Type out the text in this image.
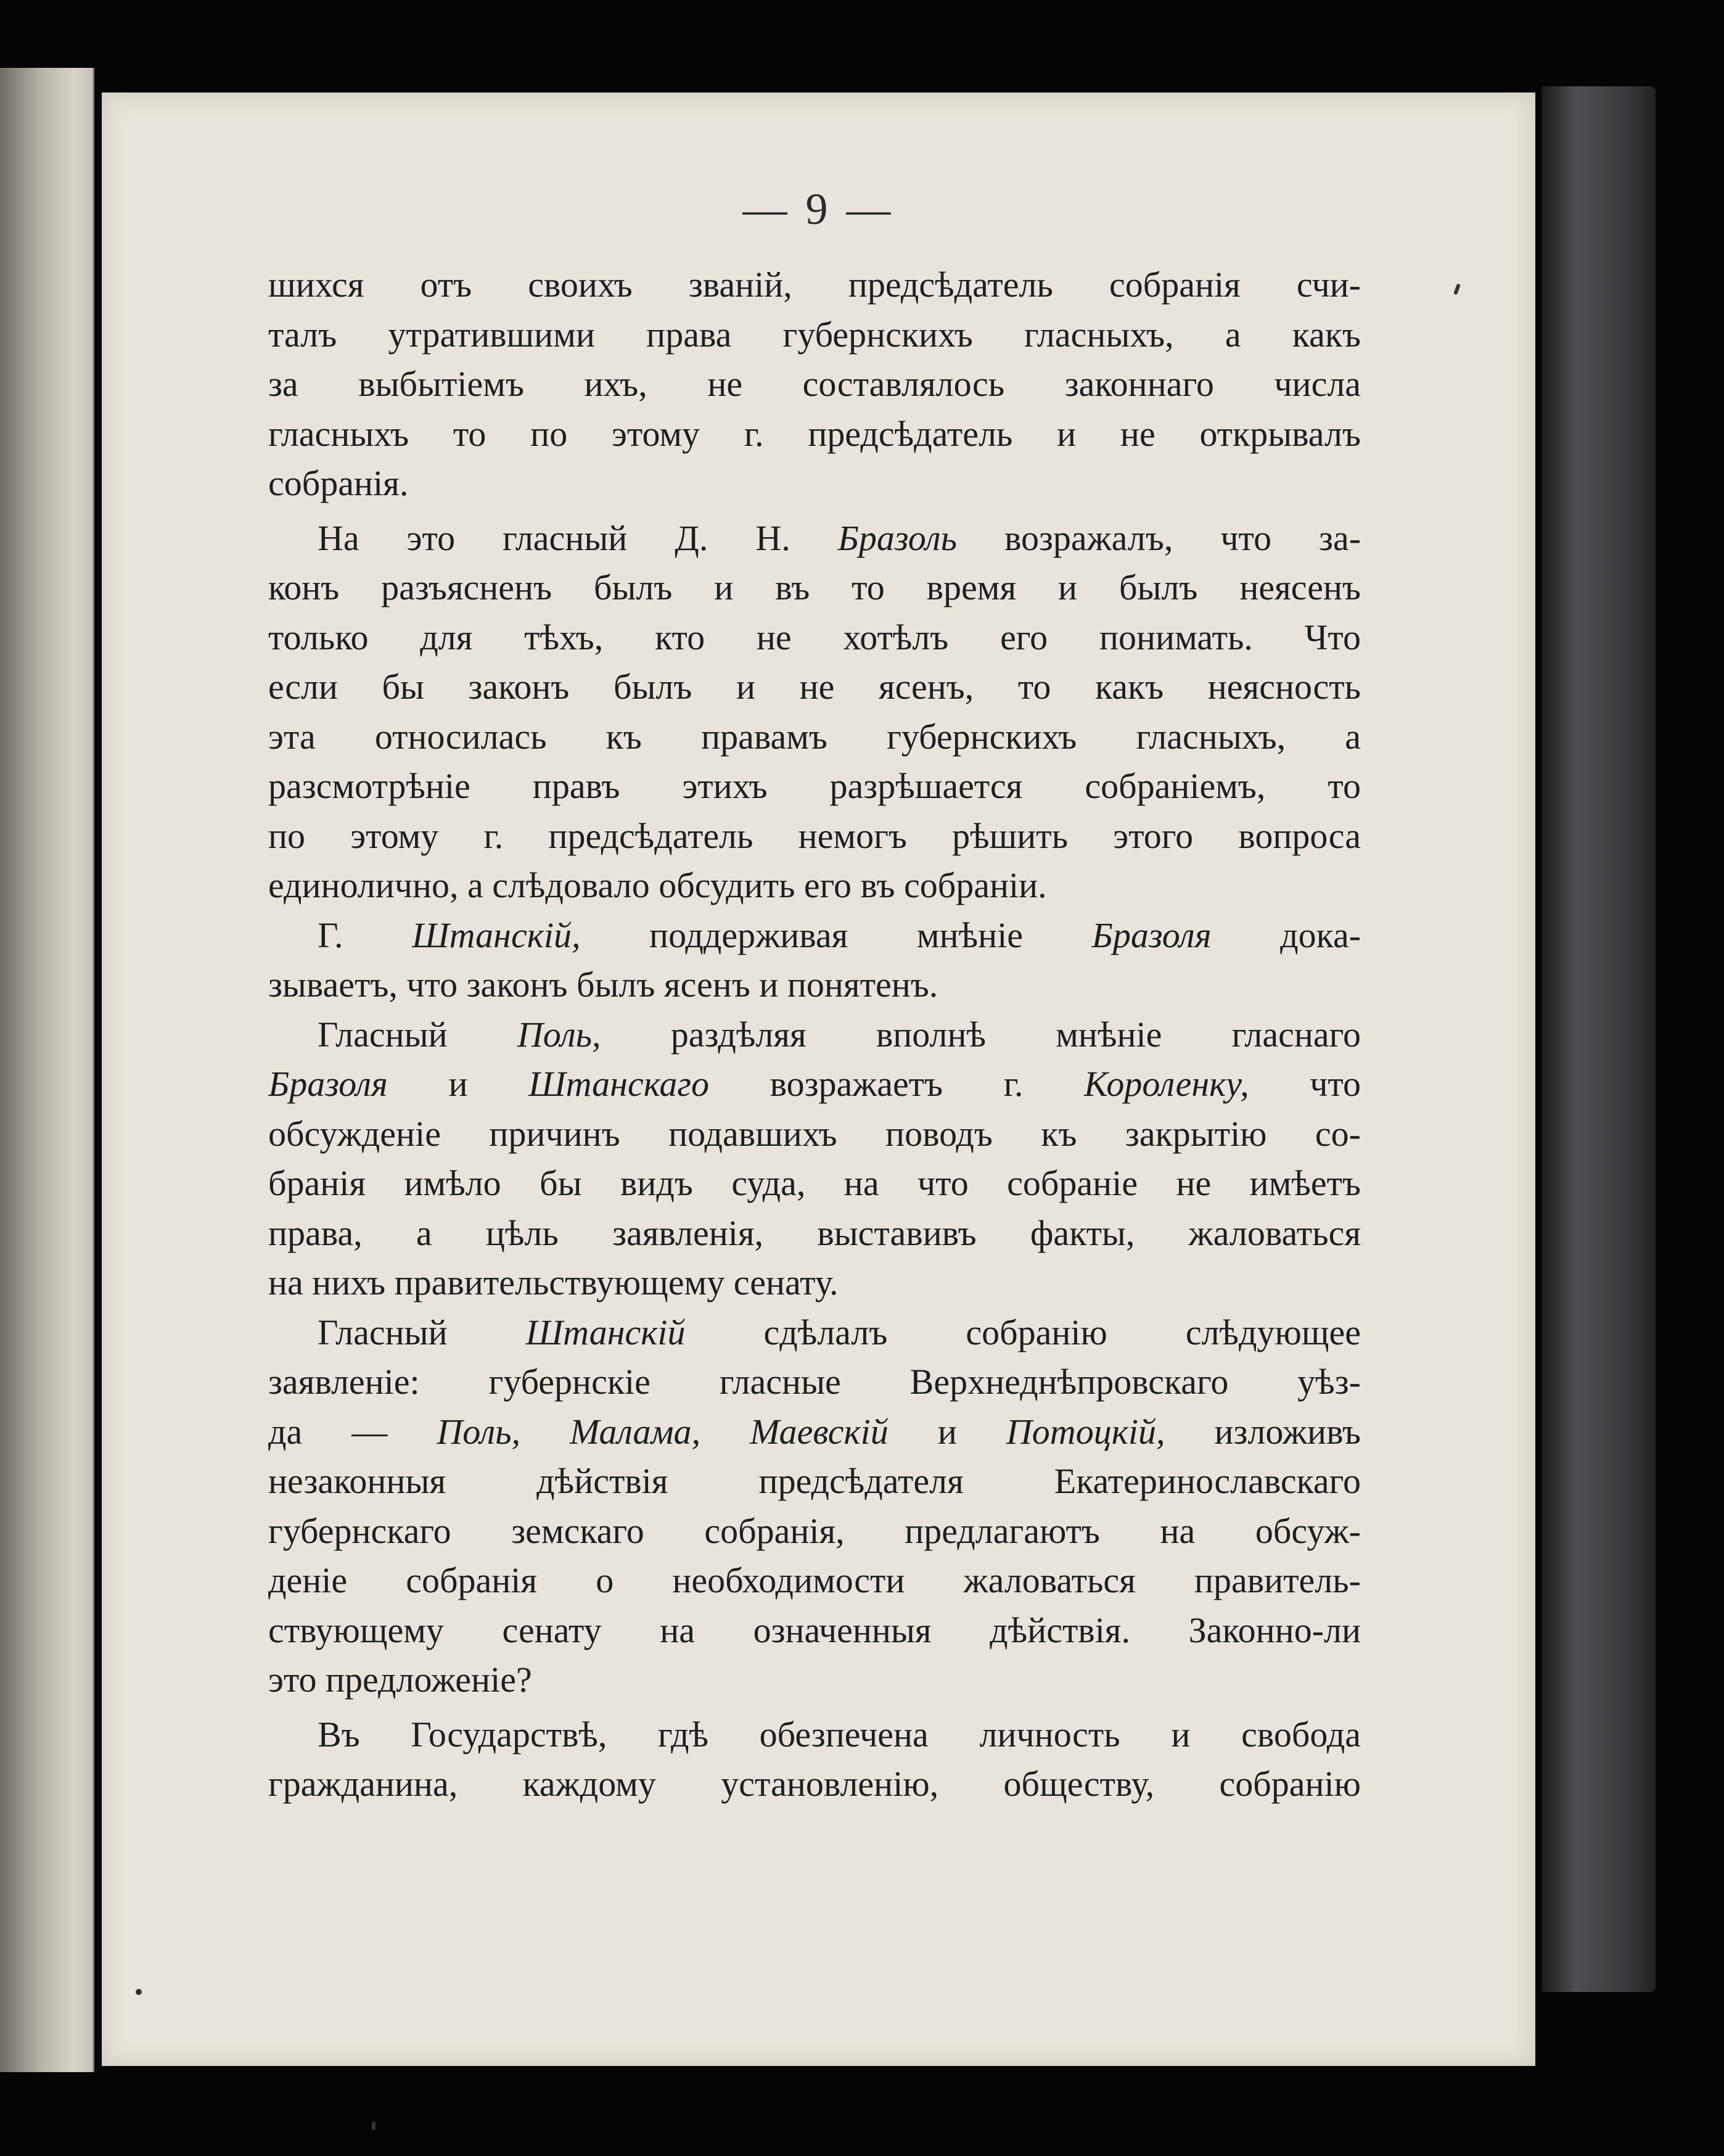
— 9 —
шихся отъ своихъ званій, предсѣдатель собранія счи-
талъ утратившими права губернскихъ гласныхъ, а какъ
за выбытіемъ ихъ, не составлялось законнаго числа
гласныхъ то по этому г. предсѣдатель и не открывалъ
собранія.
На это гласный Д. Н. Бразоль возражалъ, что за-
конъ разъясненъ былъ и въ то время и былъ неясенъ
только для тѣхъ, кто не хотѣлъ его понимать. Что
если бы законъ былъ и не ясенъ, то какъ неясность
эта относилась къ правамъ губернскихъ гласныхъ, а
разсмотрѣніе правъ этихъ разрѣшается собраніемъ, то
по этому г. предсѣдатель немогъ рѣшить этого вопроса
единолично, а слѣдовало обсудить его въ собраніи.
Г. Штанскій, поддерживая мнѣніе Бразоля дока-
зываетъ, что законъ былъ ясенъ и понятенъ.
Гласный Поль, раздѣляя вполнѣ мнѣніе гласнаго
Бразоля и Штанскаго возражаетъ г. Короленку, что
обсужденіе причинъ подавшихъ поводъ къ закрытію со-
бранія имѣло бы видъ суда, на что собраніе не имѣетъ
права, а цѣль заявленія, выставивъ факты, жаловаться
на нихъ правительствующему сенату.
Гласный Штанскій сдѣлалъ собранію слѣдующее
заявленіе: губернскіе гласные Верхнеднѣпровскаго уѣз-
да — Поль, Малама, Маевскій и Потоцкій, изложивъ
незаконныя дѣйствія предсѣдателя Екатеринославскаго
губернскаго земскаго собранія, предлагаютъ на обсуж-
деніе собранія о необходимости жаловаться правитель-
ствующему сенату на означенныя дѣйствія. Законно-ли
это предложеніе?
Въ Государствѣ, гдѣ обезпечена личность и свобода
гражданина, каждому установленію, обществу, собранію
